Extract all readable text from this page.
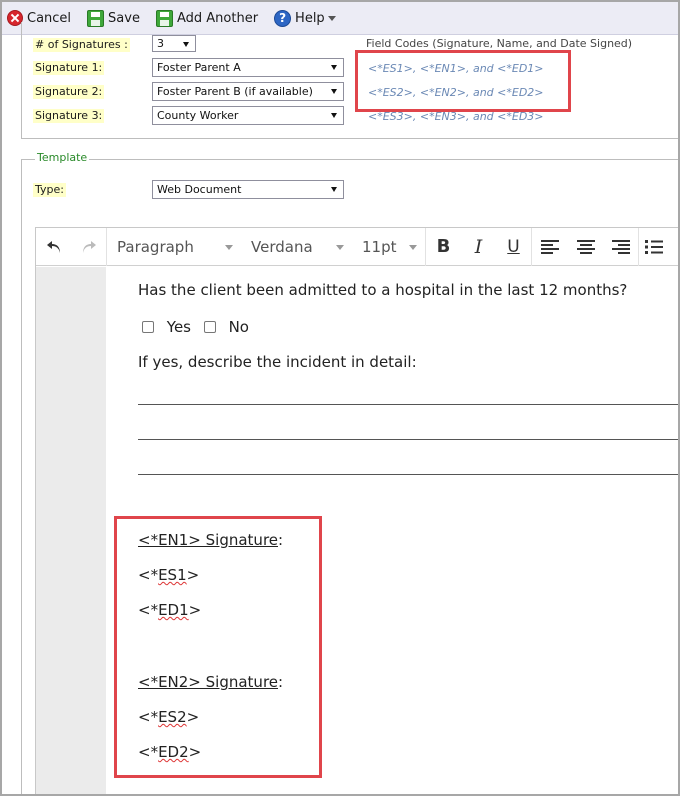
Cancel	Save	Add Another	? Help
# of Signatures :	3	Field Codes (Signature, Name, and Date Signed)
Signature 1:	Foster Parent A	<*ES1>, <*EN1>, and <*ED1>
Signature 2:	Foster Parent B (if available)	<*ES2>, <*EN2>, and <*ED2>
Signature 3:	County Worker	<*ES3>, <*EN3>, and <*ED3>
Template
Type:	Web Document
Paragraph	Verdana	11pt B I U
Has the client been admitted to a hospital in the last 12 months?
Yes	No
If yes, describe the incident in detail:
<*EN1> Signature:
<*ES1>
<*ED1>
<*EN2> Signature:
<*ES2>
<*ED2>
